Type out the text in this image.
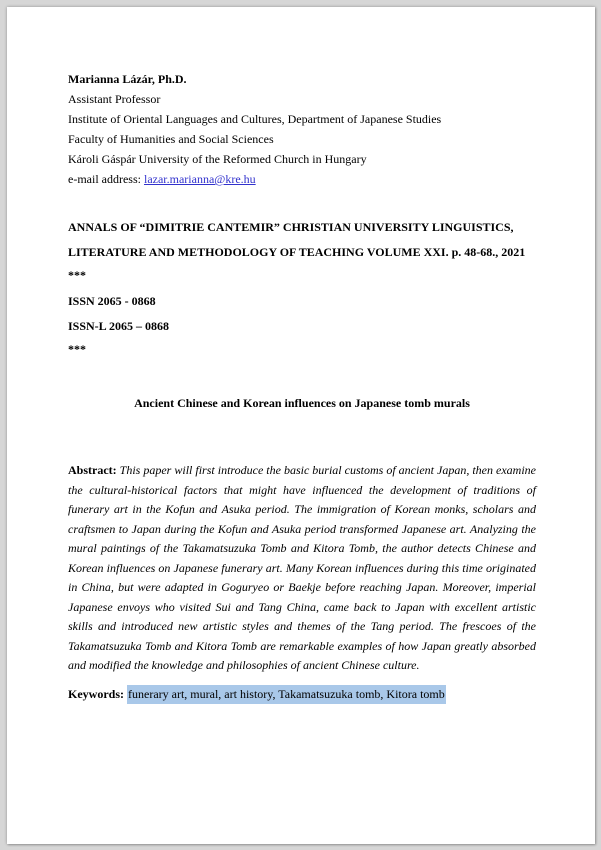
Marianna Lázár, Ph.D.

Assistant Professor

Institute of Oriental Languages and Cultures, Department of Japanese Studies

Faculty of Humanities and Social Sciences

Károli Gáspár University of the Reformed Church in Hungary

e-mail address: lazar.marianna@kre.hu

ANNALS OF “DIMITRIE CANTEMIR” CHRISTIAN UNIVERSITY LINGUISTICS,

LITERATURE AND METHODOLOGY OF TEACHING VOLUME XXI. p. 48-68., 2021

***

ISSN 2065 - 0868

ISSN-L 2065 – 0868

***

Ancient Chinese and Korean influences on Japanese tomb murals

Abstract: This paper will first introduce the basic burial customs of ancient Japan, then examine the cultural-historical factors that might have influenced the development of traditions of funerary art in the Kofun and Asuka period. The immigration of Korean monks, scholars and craftsmen to Japan during the Kofun and Asuka period transformed Japanese art. Analyzing the mural paintings of the Takamatsuzuka Tomb and Kitora Tomb, the author detects Chinese and Korean influences on Japanese funerary art. Many Korean influences during this time originated in China, but were adapted in Goguryeo or Baekje before reaching Japan. Moreover, imperial Japanese envoys who visited Sui and Tang China, came back to Japan with excellent artistic skills and introduced new artistic styles and themes of the Tang period. The frescoes of the Takamatsuzuka Tomb and Kitora Tomb are remarkable examples of how Japan greatly absorbed and modified the knowledge and philosophies of ancient Chinese culture.

Keywords: funerary art, mural, art history, Takamatsuzuka tomb, Kitora tomb
